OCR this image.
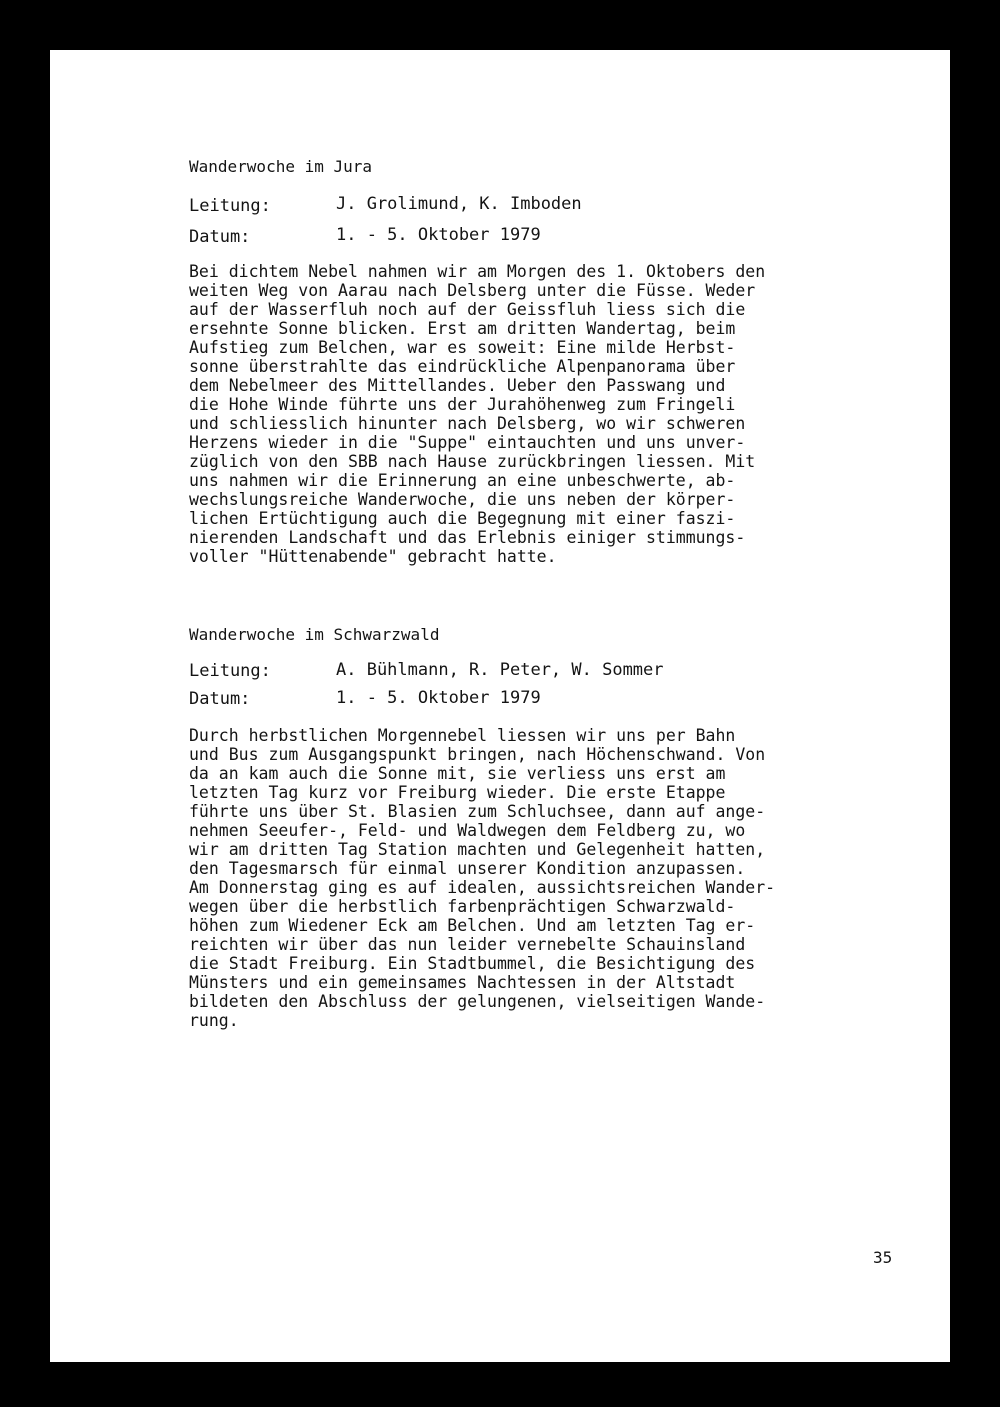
Wanderwoche im Jura
Leitung:	J. Grolimund, K. Imboden
Datum:	1. - 5. Oktober 1979
Bei dichtem Nebel nahmen wir am Morgen des 1. Oktobers den
weiten Weg von Aarau nach Delsberg unter die Füsse. Weder
auf der Wasserfluh noch auf der Geissfluh liess sich die
ersehnte Sonne blicken. Erst am dritten Wandertag, beim
Aufstieg zum Belchen, war es soweit: Eine milde Herbst-
sonne überstrahlte das eindrückliche Alpenpanorama über
dem Nebelmeer des Mittellandes. Ueber den Passwang und
die Hohe Winde führte uns der Jurahöhenweg zum Fringeli
und schliesslich hinunter nach Delsberg, wo wir schweren
Herzens wieder in die "Suppe" eintauchten und uns unver-
züglich von den SBB nach Hause zurückbringen liessen. Mit
uns nahmen wir die Erinnerung an eine unbeschwerte, ab-
wechslungsreiche Wanderwoche, die uns neben der körper-
lichen Ertüchtigung auch die Begegnung mit einer faszi-
nierenden Landschaft und das Erlebnis einiger stimmungs-
voller "Hüttenabende" gebracht hatte.
Wanderwoche im Schwarzwald
Leitung:	A. Bühlmann, R. Peter, W. Sommer
Datum:	1. - 5. Oktober 1979
Durch herbstlichen Morgennebel liessen wir uns per Bahn
und Bus zum Ausgangspunkt bringen, nach Höchenschwand. Von
da an kam auch die Sonne mit, sie verliess uns erst am
letzten Tag kurz vor Freiburg wieder. Die erste Etappe
führte uns über St. Blasien zum Schluchsee, dann auf ange-
nehmen Seeufer-, Feld- und Waldwegen dem Feldberg zu, wo
wir am dritten Tag Station machten und Gelegenheit hatten,
den Tagesmarsch für einmal unserer Kondition anzupassen.
Am Donnerstag ging es auf idealen, aussichtsreichen Wander-
wegen über die herbstlich farbenprächtigen Schwarzwald-
höhen zum Wiedener Eck am Belchen. Und am letzten Tag er-
reichten wir über das nun leider vernebelte Schauinsland
die Stadt Freiburg. Ein Stadtbummel, die Besichtigung des
Münsters und ein gemeinsames Nachtessen in der Altstadt
bildeten den Abschluss der gelungenen, vielseitigen Wande-
rung.
35
